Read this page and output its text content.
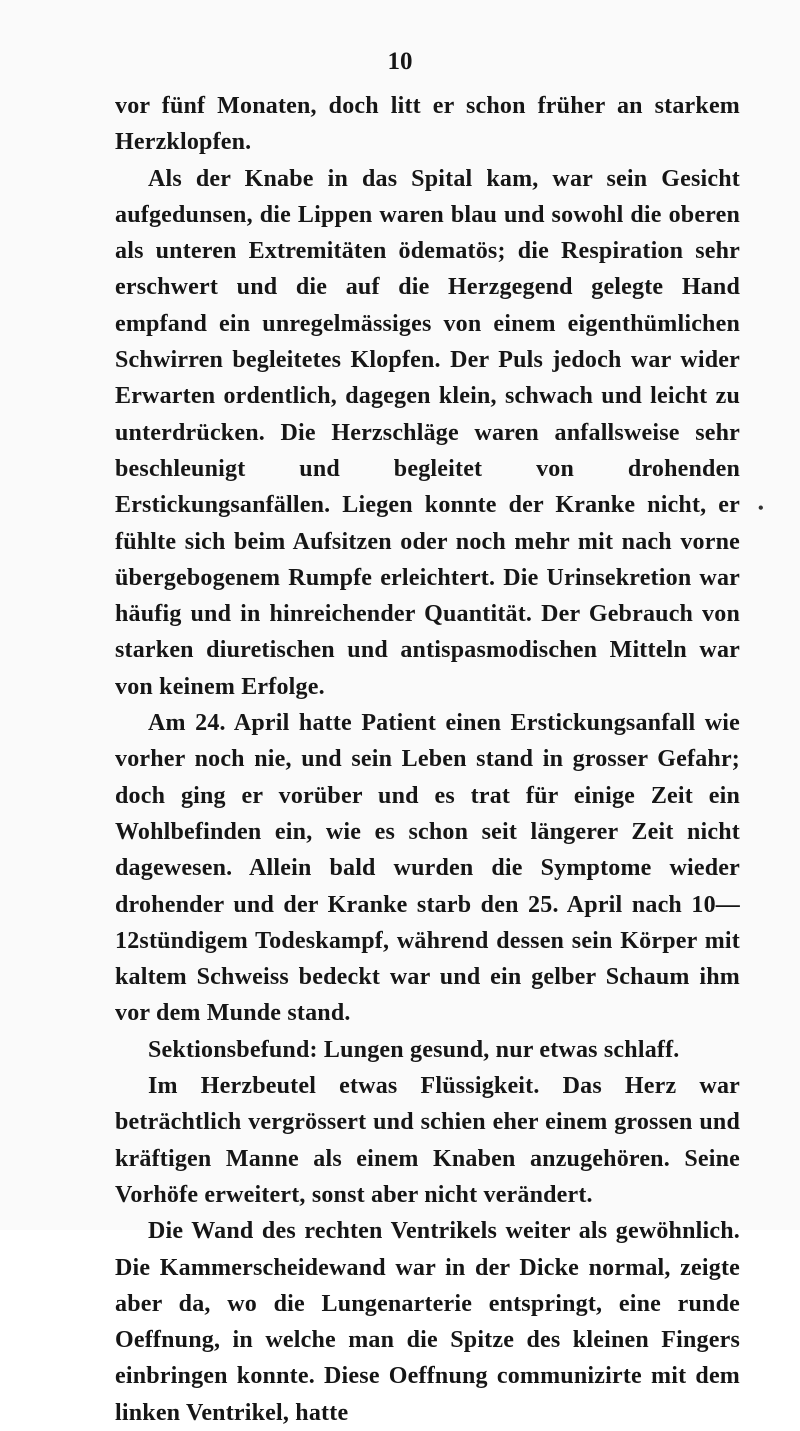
10

vor fünf Monaten, doch litt er schon früher an starkem Herzklopfen.

Als der Knabe in das Spital kam, war sein Gesicht aufgedunsen, die Lippen waren blau und sowohl die oberen als unteren Extremitäten ödematös; die Respiration sehr erschwert und die auf die Herzgegend gelegte Hand empfand ein unregelmässiges von einem eigenthümlichen Schwirren begleitetes Klopfen. Der Puls jedoch war wider Erwarten ordentlich, dagegen klein, schwach und leicht zu unterdrücken. Die Herzschläge waren anfallsweise sehr beschleunigt und begleitet von drohenden Erstickungsanfällen. Liegen konnte der Kranke nicht, er fühlte sich beim Aufsitzen oder noch mehr mit nach vorne übergebogenem Rumpfe erleichtert. Die Urinsekretion war häufig und in hinreichender Quantität. Der Gebrauch von starken diuretischen und antispasmodischen Mitteln war von keinem Erfolge.

Am 24. April hatte Patient einen Erstickungsanfall wie vorher noch nie, und sein Leben stand in grosser Gefahr; doch ging er vorüber und es trat für einige Zeit ein Wohlbefinden ein, wie es schon seit längerer Zeit nicht dagewesen. Allein bald wurden die Symptome wieder drohender und der Kranke starb den 25. April nach 10—12stündigem Todeskampf, während dessen sein Körper mit kaltem Schweiss bedeckt war und ein gelber Schaum ihm vor dem Munde stand.

Sektionsbefund: Lungen gesund, nur etwas schlaff.

Im Herzbeutel etwas Flüssigkeit. Das Herz war beträchtlich vergrössert und schien eher einem grossen und kräftigen Manne als einem Knaben anzugehören. Seine Vorhöfe erweitert, sonst aber nicht verändert.

Die Wand des rechten Ventrikels weiter als gewöhnlich. Die Kammerscheidewand war in der Dicke normal, zeigte aber da, wo die Lungenarterie entspringt, eine runde Oeffnung, in welche man die Spitze des kleinen Fingers einbringen konnte. Diese Oeffnung communizirte mit dem linken Ventrikel, hatte

•
